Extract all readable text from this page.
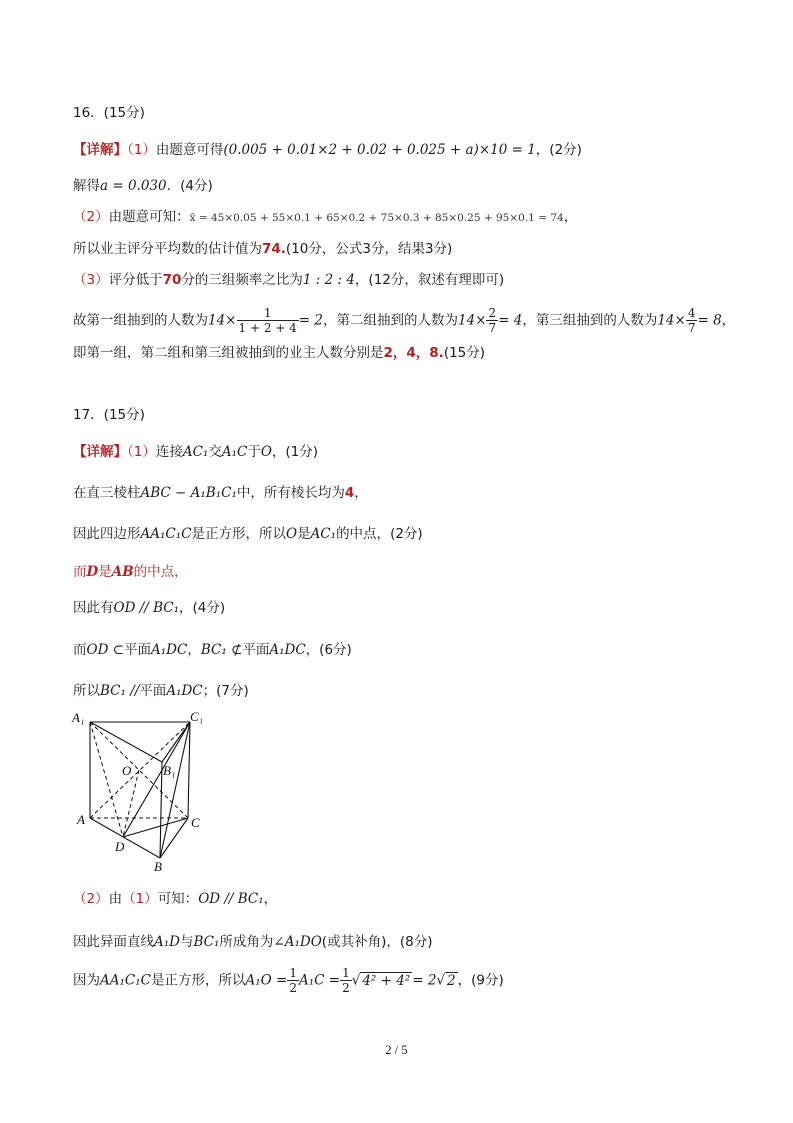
16．(15分)
【详解】（1）由题意可得(0.005 + 0.01×2 + 0.02 + 0.025 + a)×10 = 1，(2分)
解得a = 0.030．(4分)
（2）由题意可知：x̄ = 45×0.05 + 55×0.1 + 65×0.2 + 75×0.3 + 85×0.25 + 95×0.1 = 74，
所以业主评分平均数的估计值为74.(10分，公式3分，结果3分)
（3）评分低于70分的三组频率之比为1 : 2 : 4，(12分，叙述有理即可)
故第一组抽到的人数为$14\times \frac{1}{1 + 2 + 4} = 2$，第二组抽到的人数为$14\times \frac{2}{7} = 4$，第三组抽到的人数为$14\times \frac{4}{7} = 8$，
即第一组，第二组和第三组被抽到的业主人数分别是2，4，8.(15分)
17．(15分)
【详解】（1）连接AC₁交A₁C于O，(1分)
在直三棱柱ABC − A₁B₁C₁中，所有棱长均为4，
因此四边形AA₁C₁C是正方形，所以O是AC₁的中点，(2分)
而D是AB的中点，
因此有OD // BC₁，(4分)
而OD ⊂平面A₁DC，BC₁ ⊄平面A₁DC，(6分)
所以BC₁ //平面A₁DC；(7分)
A₁	C₁
B₁
O
A	C
D
B
（2）由（1）可知：OD // BC₁，
因此异面直线A₁D与BC₁所成角为∠A₁DO(或其补角)，(8分)
因为AA₁C₁C是正方形，所以$A_1O = \frac{1}{2} A_1C = \frac{1}{2}$ √ 4² + 4² = 2√ 2 ，(9分)
2 / 5
